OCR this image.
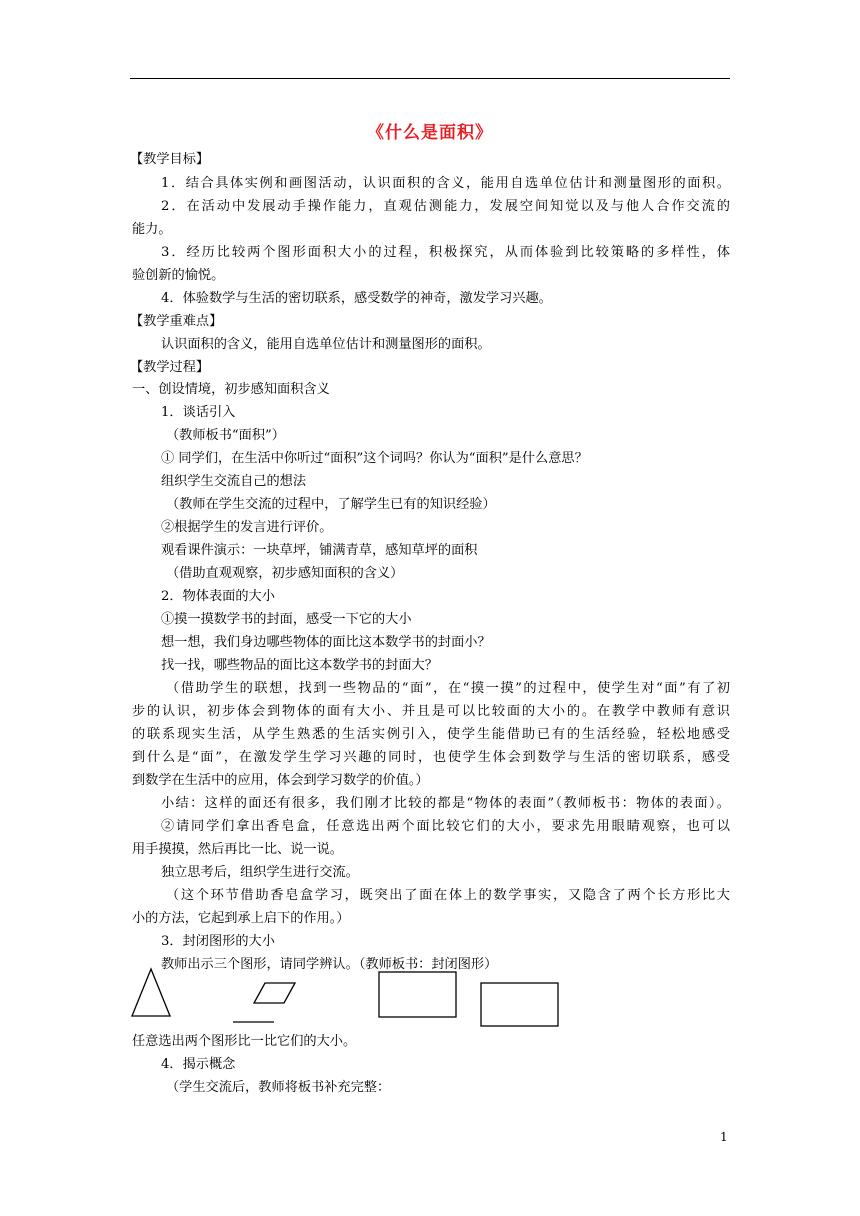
《什么是面积》
【教学目标】
1．结合具体实例和画图活动，认识面积的含义，能用自选单位估计和测量图形的面积。
2．在活动中发展动手操作能力，直观估测能力，发展空间知觉以及与他人合作交流的
能力。
3．经历比较两个图形面积大小的过程，积极探究，从而体验到比较策略的多样性，体
验创新的愉悦。
4．体验数学与生活的密切联系，感受数学的神奇，激发学习兴趣。
【教学重难点】
认识面积的含义，能用自选单位估计和测量图形的面积。
【教学过程】
一、创设情境，初步感知面积含义
1．谈话引入
（教师板书“面积”）
① 同学们，在生活中你听过“面积”这个词吗？你认为“面积”是什么意思？
组织学生交流自己的想法
（教师在学生交流的过程中，了解学生已有的知识经验）
②根据学生的发言进行评价。
观看课件演示：一块草坪，铺满青草，感知草坪的面积
（借助直观观察，初步感知面积的含义）
2．物体表面的大小
①摸一摸数学书的封面，感受一下它的大小
想一想，我们身边哪些物体的面比这本数学书的封面小？
找一找，哪些物品的面比这本数学书的封面大？
（借助学生的联想，找到一些物品的“面”，在“摸一摸”的过程中，使学生对“面”有了初
步的认识，初步体会到物体的面有大小、并且是可以比较面的大小的。在教学中教师有意识
的联系现实生活，从学生熟悉的生活实例引入，使学生能借助已有的生活经验，轻松地感受
到什么是“面”，在激发学生学习兴趣的同时，也使学生体会到数学与生活的密切联系，感受
到数学在生活中的应用，体会到学习数学的价值。）
小结：这样的面还有很多，我们刚才比较的都是“物体的表面”（教师板书：物体的表面）。
②请同学们拿出香皂盒，任意选出两个面比较它们的大小，要求先用眼睛观察，也可以
用手摸摸，然后再比一比、说一说。
独立思考后，组织学生进行交流。
（这个环节借助香皂盒学习，既突出了面在体上的数学事实，又隐含了两个长方形比大
小的方法，它起到承上启下的作用。）
3．封闭图形的大小
教师出示三个图形，请同学辨认。（教师板书：封闭图形）
任意选出两个图形比一比它们的大小。
4．揭示概念
（学生交流后，教师将板书补充完整：
1
